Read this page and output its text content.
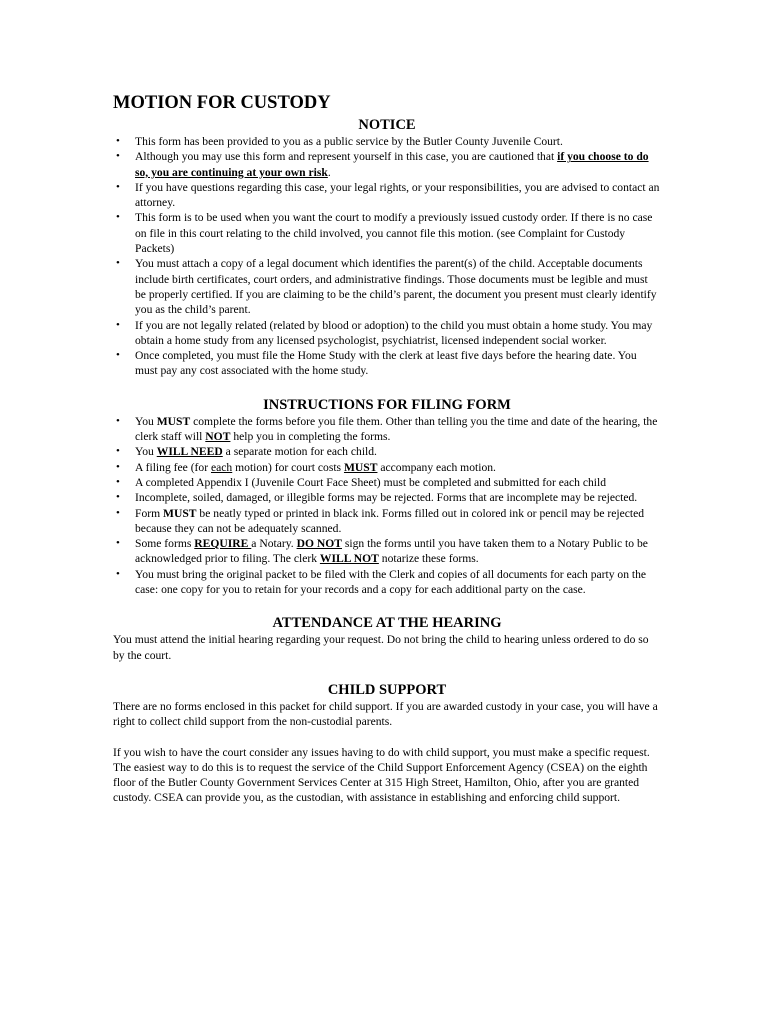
MOTION FOR CUSTODY
NOTICE
• This form has been provided to you as a public service by the Butler County Juvenile Court.
• Although you may use this form and represent yourself in this case, you are cautioned that if you choose to do so, you are continuing at your own risk.
• If you have questions regarding this case, your legal rights, or your responsibilities, you are advised to contact an attorney.
• This form is to be used when you want the court to modify a previously issued custody order. If there is no case on file in this court relating to the child involved, you cannot file this motion. (see Complaint for Custody Packets)
• You must attach a copy of a legal document which identifies the parent(s) of the child. Acceptable documents include birth certificates, court orders, and administrative findings. Those documents must be legible and must be properly certified. If you are claiming to be the child’s parent, the document you present must clearly identify you as the child’s parent.
• If you are not legally related (related by blood or adoption) to the child you must obtain a home study. You may obtain a home study from any licensed psychologist, psychiatrist, licensed independent social worker.
• Once completed, you must file the Home Study with the clerk at least five days before the hearing date. You must pay any cost associated with the home study.
INSTRUCTIONS FOR FILING FORM
• You MUST complete the forms before you file them. Other than telling you the time and date of the hearing, the clerk staff will NOT help you in completing the forms.
• You WILL NEED a separate motion for each child.
• A filing fee (for each motion) for court costs MUST accompany each motion.
• A completed Appendix I (Juvenile Court Face Sheet) must be completed and submitted for each child
• Incomplete, soiled, damaged, or illegible forms may be rejected. Forms that are incomplete may be rejected.
• Form MUST be neatly typed or printed in black ink. Forms filled out in colored ink or pencil may be rejected because they can not be adequately scanned.
• Some forms REQUIRE a Notary. DO NOT sign the forms until you have taken them to a Notary Public to be acknowledged prior to filing. The clerk WILL NOT notarize these forms.
• You must bring the original packet to be filed with the Clerk and copies of all documents for each party on the case: one copy for you to retain for your records and a copy for each additional party on the case.
ATTENDANCE AT THE HEARING

You must attend the initial hearing regarding your request. Do not bring the child to hearing unless ordered to do so by the court.

CHILD SUPPORT

There are no forms enclosed in this packet for child support. If you are awarded custody in your case, you will have a right to collect child support from the non-custodial parents.

If you wish to have the court consider any issues having to do with child support, you must make a specific request. The easiest way to do this is to request the service of the Child Support Enforcement Agency (CSEA) on the eighth floor of the Butler County Government Services Center at 315 High Street, Hamilton, Ohio, after you are granted custody. CSEA can provide you, as the custodian, with assistance in establishing and enforcing child support.
